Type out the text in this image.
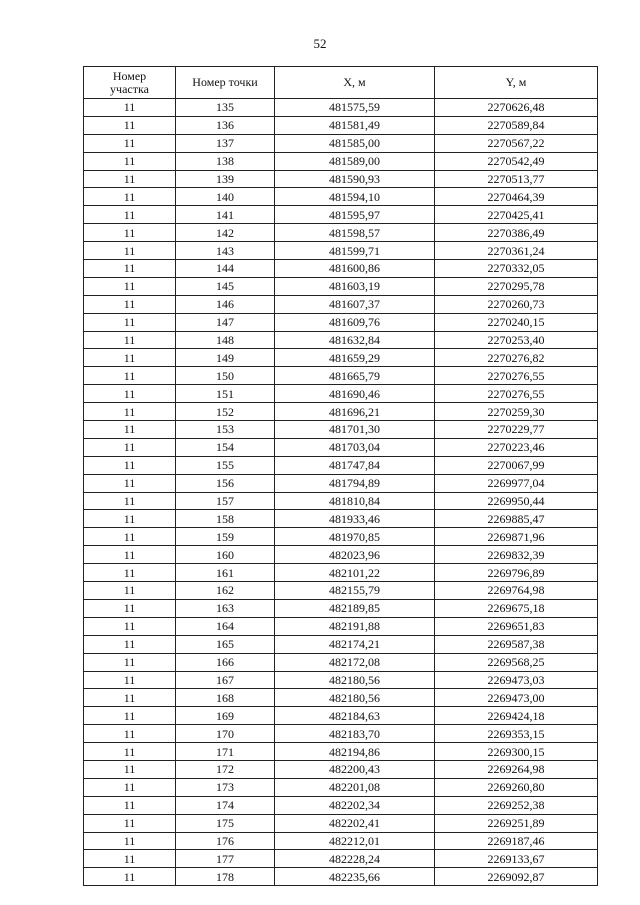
52
Номер
участка	Номер точки	X, м	Y, м
11	135	481575,59	2270626,48
11	136	481581,49	2270589,84
11	137	481585,00	2270567,22
11	138	481589,00	2270542,49
11	139	481590,93	2270513,77
11	140	481594,10	2270464,39
11	141	481595,97	2270425,41
11	142	481598,57	2270386,49
11	143	481599,71	2270361,24
11	144	481600,86	2270332,05
11	145	481603,19	2270295,78
11	146	481607,37	2270260,73
11	147	481609,76	2270240,15
11	148	481632,84	2270253,40
11	149	481659,29	2270276,82
11	150	481665,79	2270276,55
11	151	481690,46	2270276,55
11	152	481696,21	2270259,30
11	153	481701,30	2270229,77
11	154	481703,04	2270223,46
11	155	481747,84	2270067,99
11	156	481794,89	2269977,04
11	157	481810,84	2269950,44
11	158	481933,46	2269885,47
11	159	481970,85	2269871,96
11	160	482023,96	2269832,39
11	161	482101,22	2269796,89
11	162	482155,79	2269764,98
11	163	482189,85	2269675,18
11	164	482191,88	2269651,83
11	165	482174,21	2269587,38
11	166	482172,08	2269568,25
11	167	482180,56	2269473,03
11	168	482180,56	2269473,00
11	169	482184,63	2269424,18
11	170	482183,70	2269353,15
11	171	482194,86	2269300,15
11	172	482200,43	2269264,98
11	173	482201,08	2269260,80
11	174	482202,34	2269252,38
11	175	482202,41	2269251,89
11	176	482212,01	2269187,46
11	177	482228,24	2269133,67
11	178	482235,66	2269092,87
